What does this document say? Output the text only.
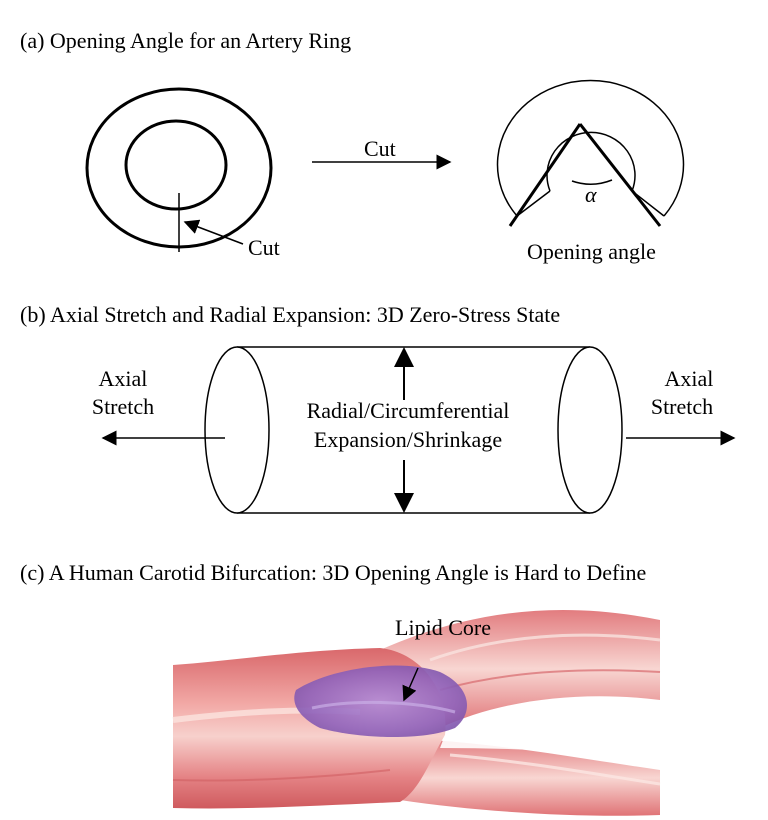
(a) Opening Angle for an Artery Ring
Cut
Cut
α
Opening angle
(b) Axial Stretch and Radial Expansion: 3D Zero-Stress State
Radial/Circumferential
Expansion/Shrinkage
Axial
Stretch
Axial
Stretch
(c) A Human Carotid Bifurcation: 3D Opening Angle is Hard to Define
Lipid Core
